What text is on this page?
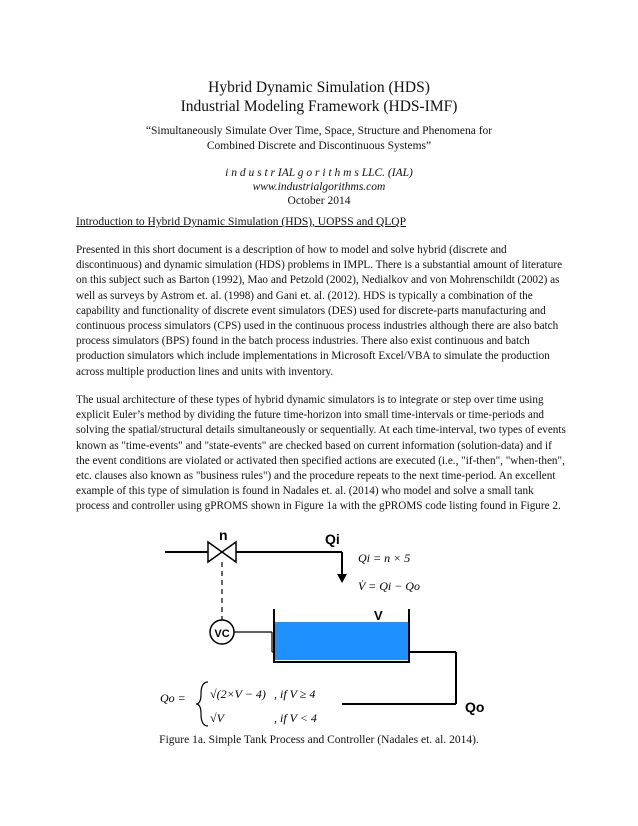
Hybrid Dynamic Simulation (HDS)
Industrial Modeling Framework (HDS-IMF)
“Simultaneously Simulate Over Time, Space, Structure and Phenomena for
Combined Discrete and Discontinuous Systems”
i n d u s t r IAL g o r i t h m s LLC. (IAL)
www.industrialgorithms.com
October 2014
Introduction to Hybrid Dynamic Simulation (HDS), UOPSS and QLQP
Presented in this short document is a description of how to model and solve hybrid (discrete and discontinuous) and dynamic simulation (HDS) problems in IMPL. There is a substantial amount of literature on this subject such as Barton (1992), Mao and Petzold (2002), Nedialkov and von Mohrenschildt (2002) as well as surveys by Astrom et. al. (1998) and Gani et. al. (2012). HDS is typically a combination of the capability and functionality of discrete event simulators (DES) used for discrete-parts manufacturing and continuous process simulators (CPS) used in the continuous process industries although there are also batch process simulators (BPS) found in the batch process industries. There also exist continuous and batch production simulators which include implementations in Microsoft Excel/VBA to simulate the production across multiple production lines and units with inventory.
The usual architecture of these types of hybrid dynamic simulators is to integrate or step over time using explicit Euler’s method by dividing the future time-horizon into small time-intervals or time-periods and solving the spatial/structural details simultaneously or sequentially. At each time-interval, two types of events known as "time-events" and "state-events" are checked based on current information (solution-data) and if the event conditions are violated or activated then specified actions are executed (i.e., "if-then", "when-then", etc. clauses also known as "business rules") and the procedure repeats to the next time-period. An excellent example of this type of simulation is found in Nadales et. al. (2014) who model and solve a small tank process and controller using gPROMS shown in Figure 1a with the gPROMS code listing found in Figure 2.
n	Qi
Qi = n × 5
V̇ = Qi − Qo
VC
V
Qo
Qo = √(2×V − 4) , if V ≥ 4
√V	, if V < 4
Figure 1a. Simple Tank Process and Controller (Nadales et. al. 2014).
